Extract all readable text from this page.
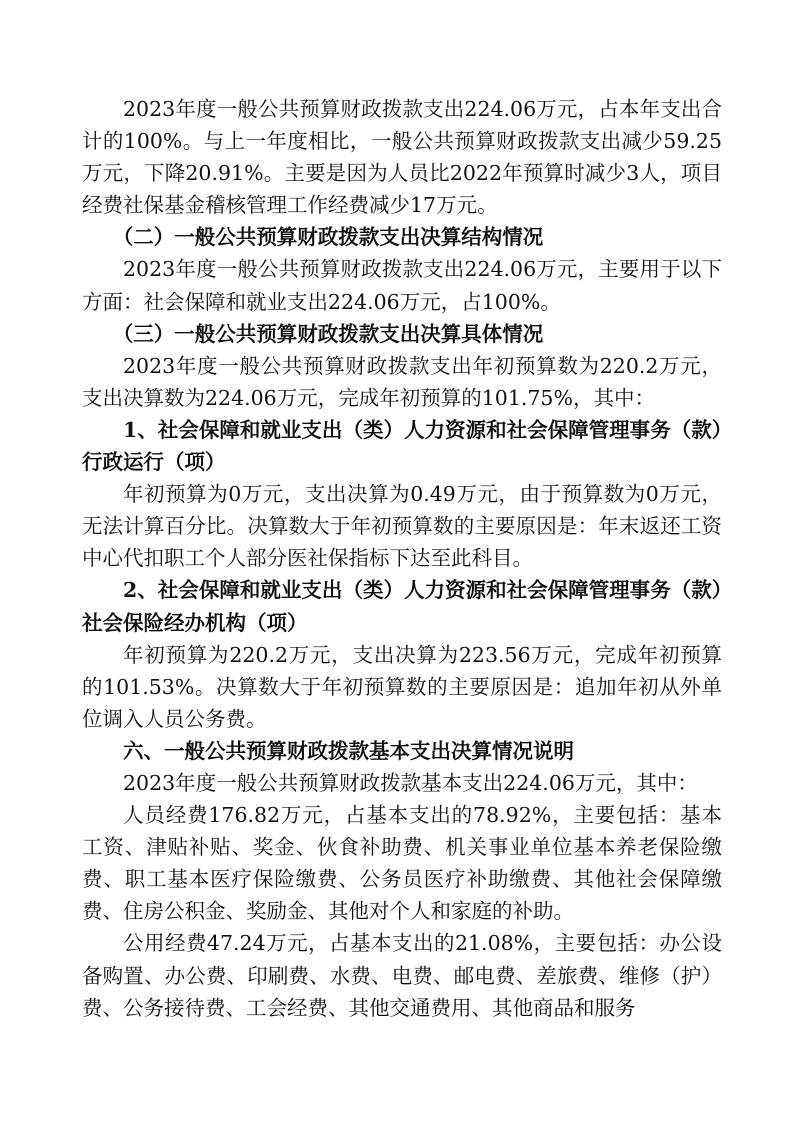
2023年度一般公共预算财政拨款支出224.06万元，占本年支出合计的100%。与上一年度相比，一般公共预算财政拨款支出减少59.25万元，下降20.91%。主要是因为人员比2022年预算时减少3人，项目经费社保基金稽核管理工作经费减少17万元。

（二）一般公共预算财政拨款支出决算结构情况

2023年度一般公共预算财政拨款支出224.06万元，主要用于以下方面：社会保障和就业支出224.06万元，占100%。

（三）一般公共预算财政拨款支出决算具体情况

2023年度一般公共预算财政拨款支出年初预算数为220.2万元，支出决算数为224.06万元，完成年初预算的101.75%，其中：

1、社会保障和就业支出（类）人力资源和社会保障管理事务（款）行政运行（项）

年初预算为0万元，支出决算为0.49万元，由于预算数为0万元，无法计算百分比。决算数大于年初预算数的主要原因是：年末返还工资中心代扣职工个人部分医社保指标下达至此科目。

2、社会保障和就业支出（类）人力资源和社会保障管理事务（款）社会保险经办机构（项）

年初预算为220.2万元，支出决算为223.56万元，完成年初预算的101.53%。决算数大于年初预算数的主要原因是：追加年初从外单位调入人员公务费。

六、一般公共预算财政拨款基本支出决算情况说明

2023年度一般公共预算财政拨款基本支出224.06万元，其中：

人员经费176.82万元，占基本支出的78.92%，主要包括：基本工资、津贴补贴、奖金、伙食补助费、机关事业单位基本养老保险缴费、职工基本医疗保险缴费、公务员医疗补助缴费、其他社会保障缴费、住房公积金、奖励金、其他对个人和家庭的补助。

公用经费47.24万元，占基本支出的21.08%，主要包括：办公设备购置、办公费、印刷费、水费、电费、邮电费、差旅费、维修（护）费、公务接待费、工会经费、其他交通费用、其他商品和服务
